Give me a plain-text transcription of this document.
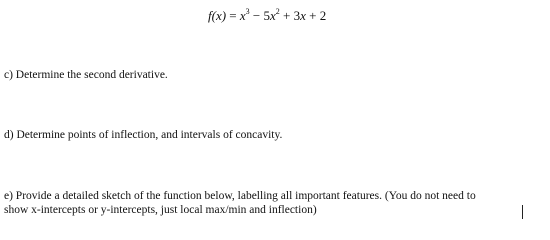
$f(x) = x^3 - 5x^2 + 3x + 2$
c) Determine the second derivative.
d) Determine points of inflection, and intervals of concavity.
e) Provide a detailed sketch of the function below, labelling all important features. (You do not need to
show x-intercepts or y-intercepts, just local max/min and inflection)
